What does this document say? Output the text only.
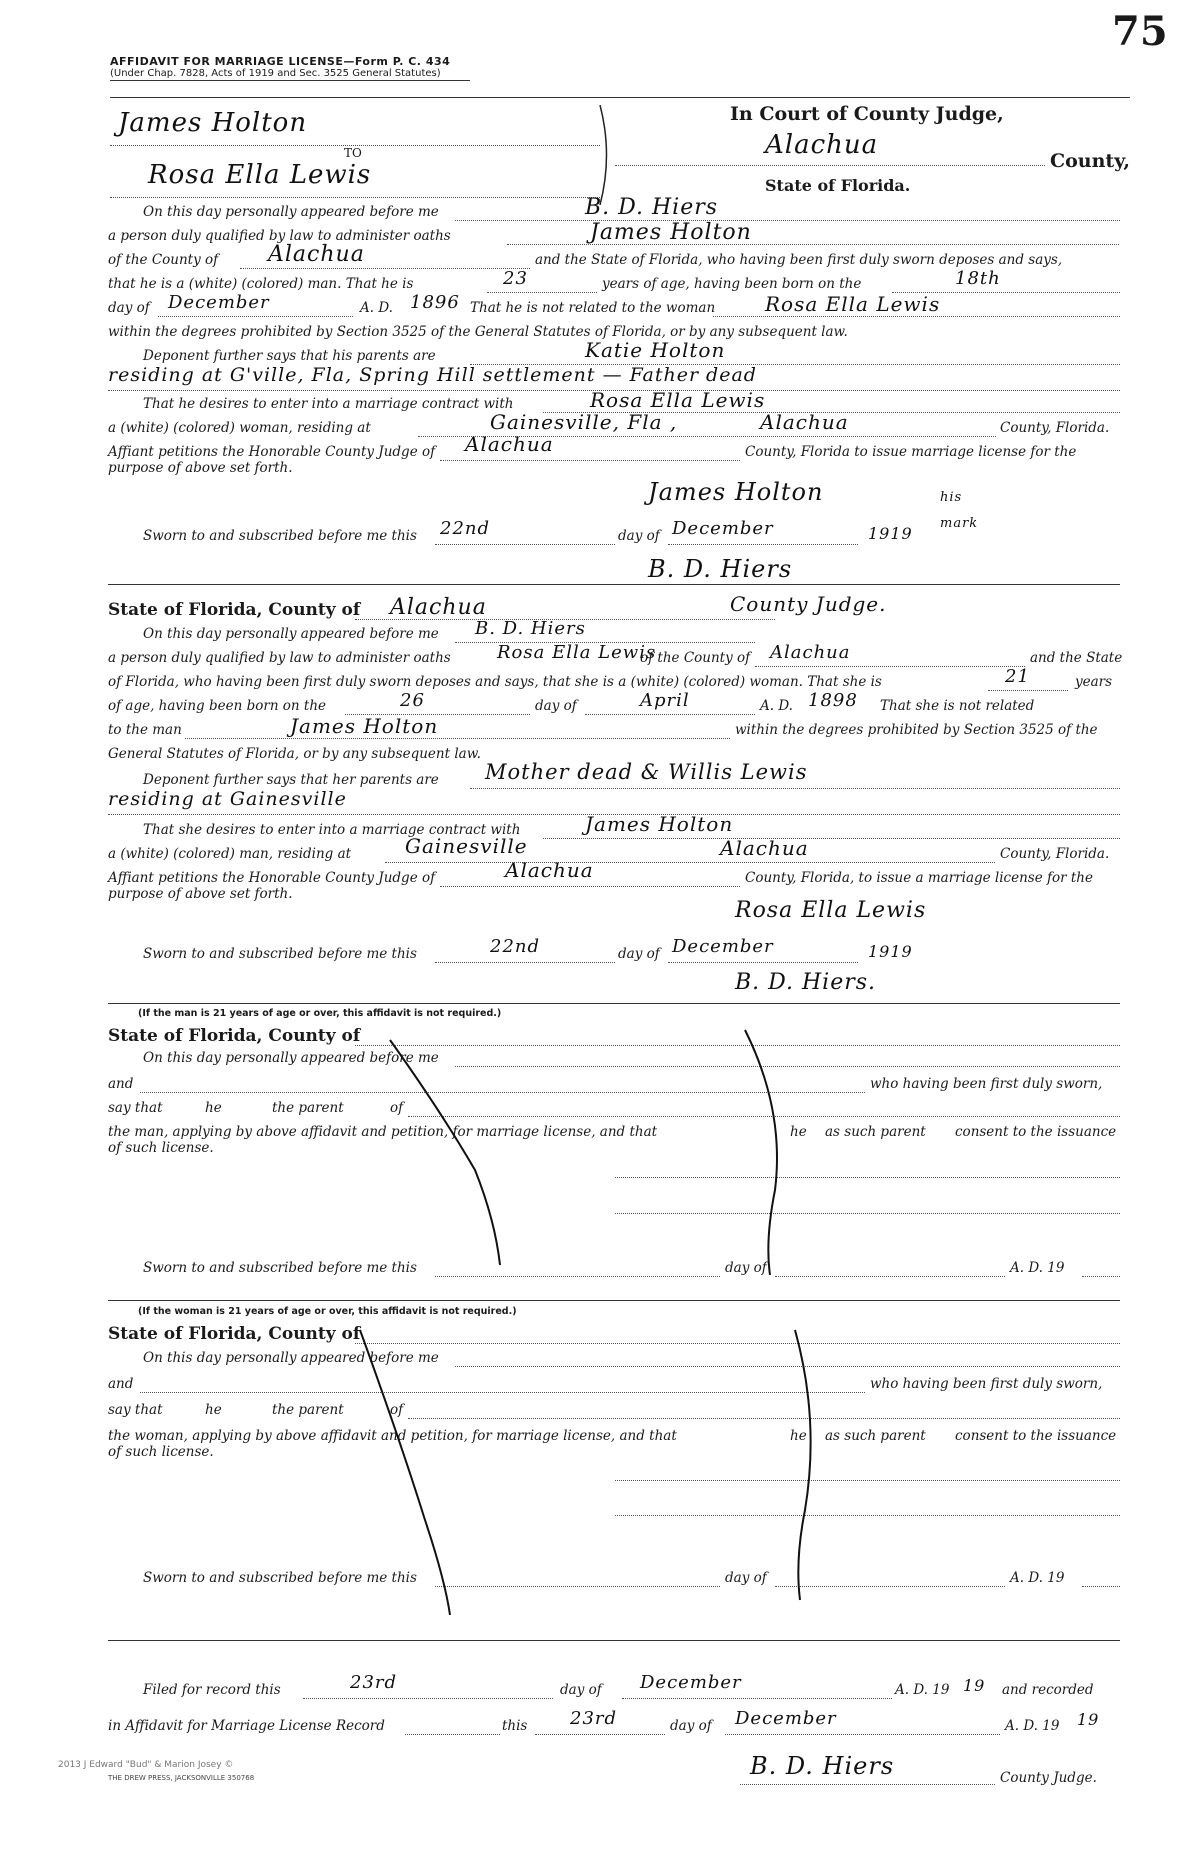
75
AFFIDAVIT FOR MARRIAGE LICENSE—Form P. C. 434
(Under Chap. 7828, Acts of 1919 and Sec. 3525 General Statutes)
James Holton
TO
Rosa Ella Lewis
In Court of County Judge,
Alachua
County,
State of Florida.
On this day personally appeared before me	B. D. Hiers
a person duly qualified by law to administer oaths	James Holton
of the County of Alachua	and the State of Florida, who having been first duly sworn deposes and says,
that he is a (white) (colored) man. That he is	23	years of age, having been born on the	18th
day of December	A. D. 1896 That he is not related to the woman Rosa Ella Lewis
within the degrees prohibited by Section 3525 of the General Statutes of Florida, or by any subsequent law.
Deponent further says that his parents are	Katie Holton
residing at G'ville, Fla, Spring Hill settlement — Father dead
That he desires to enter into a marriage contract with	Rosa Ella Lewis
a (white) (colored) woman, residing at	Gainesville, Fla ,	Alachua	County, Florida.
Affiant petitions the Honorable County Judge of Alachua	County, Florida to issue marriage license for the
purpose of above set forth.
James Holton	his mark
Sworn to and subscribed before me this 22nd	day of December	1919
B. D. Hiers
County Judge.
State of Florida, County of Alachua
On this day personally appeared before me B. D. Hiers
a person duly qualified by law to administer oaths	Rosa Ella Lewis
of the County of Alachua	and the State
of Florida, who having been first duly sworn deposes and says, that she is a (white) (colored) woman. That she is	21	years
of age, having been born on the	26	day of	April	A. D. 1898 That she is not related
to the man	James Holton	within the degrees prohibited by Section 3525 of the
General Statutes of Florida, or by any subsequent law.
Deponent further says that her parents are Mother dead & Willis Lewis
residing at Gainesville
That she desires to enter into a marriage contract with	James Holton
a (white) (colored) man, residing at	Gainesville	Alachua	County, Florida.
Affiant petitions the Honorable County Judge of	Alachua	County, Florida, to issue a marriage license for the
purpose of above set forth.
Rosa Ella Lewis
Sworn to and subscribed before me this	22nd	day of December	1919
B. D. Hiers.
(If the man is 21 years of age or over, this affidavit is not required.)
State of Florida, County of
On this day personally appeared before me
and	who having been first duly sworn,
say that	he	the parent	of
the man, applying by above affidavit and petition, for marriage license, and that	he as such parent consent to the issuance
of such license.
Sworn to and subscribed before me this	day of	A. D. 19
(If the woman is 21 years of age or over, this affidavit is not required.)
State of Florida, County of
On this day personally appeared before me
and	who having been first duly sworn,
say that	he	the parent	of
the woman, applying by above affidavit and petition, for marriage license, and that	he as such parent consent to the issuance
of such license.
Sworn to and subscribed before me this	day of	A. D. 19
Filed for record this	23rd	day of December	A. D. 19 19 and recorded
in Affidavit for Marriage License Record	this 23rd	day of December	A. D. 19 19
B. D. Hiers	County Judge.
2013 J Edward "Bud" & Marion Josey ©
THE DREW PRESS, JACKSONVILLE 350768
